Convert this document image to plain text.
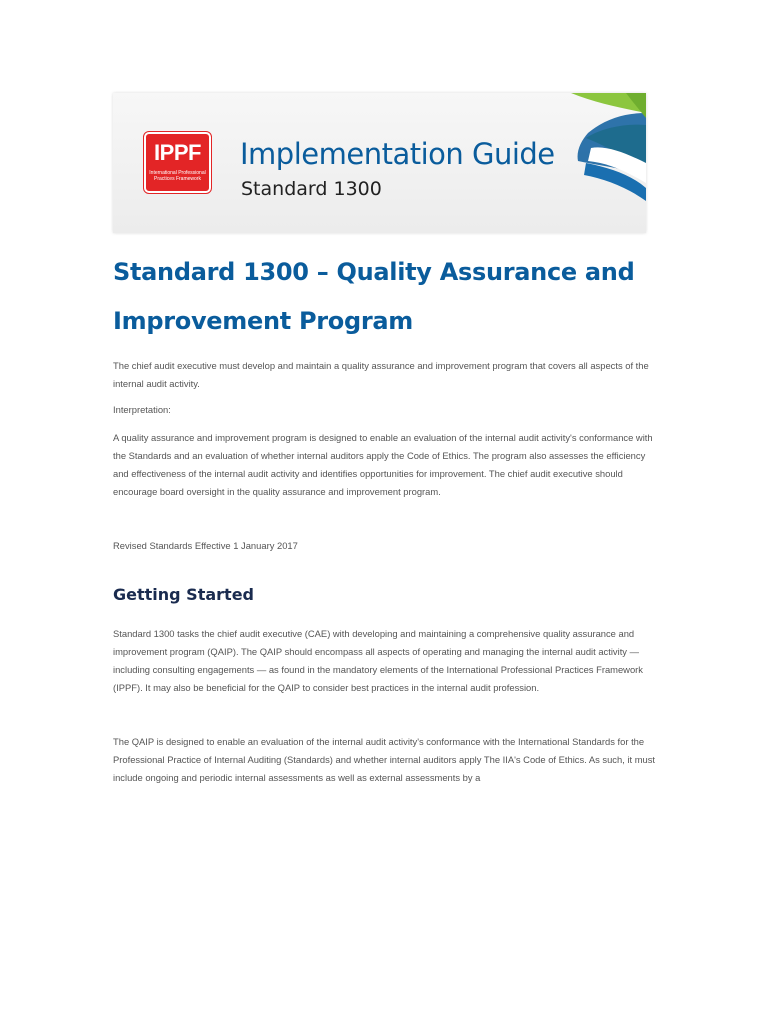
IPPF
International Professional
Practices Framework
Implementation Guide
Standard 1300
Standard 1300 – Quality Assurance and Improvement Program

The chief audit executive must develop and maintain a quality assurance and improvement program that covers all aspects of the internal audit activity.

Interpretation:

A quality assurance and improvement program is designed to enable an evaluation of the internal audit activity's conformance with the Standards and an evaluation of whether internal auditors apply the Code of Ethics. The program also assesses the efficiency and effectiveness of the internal audit activity and identifies opportunities for improvement. The chief audit executive should encourage board oversight in the quality assurance and improvement program.

Revised Standards Effective 1 January 2017

Getting Started

Standard 1300 tasks the chief audit executive (CAE) with developing and maintaining a comprehensive quality assurance and improvement program (QAIP). The QAIP should encompass all aspects of operating and managing the internal audit activity — including consulting engagements — as found in the mandatory elements of the International Professional Practices Framework (IPPF). It may also be beneficial for the QAIP to consider best practices in the internal audit profession.

The QAIP is designed to enable an evaluation of the internal audit activity's conformance with the International Standards for the Professional Practice of Internal Auditing (Standards) and whether internal auditors apply The IIA's Code of Ethics. As such, it must include ongoing and periodic internal assessments as well as external assessments by a
